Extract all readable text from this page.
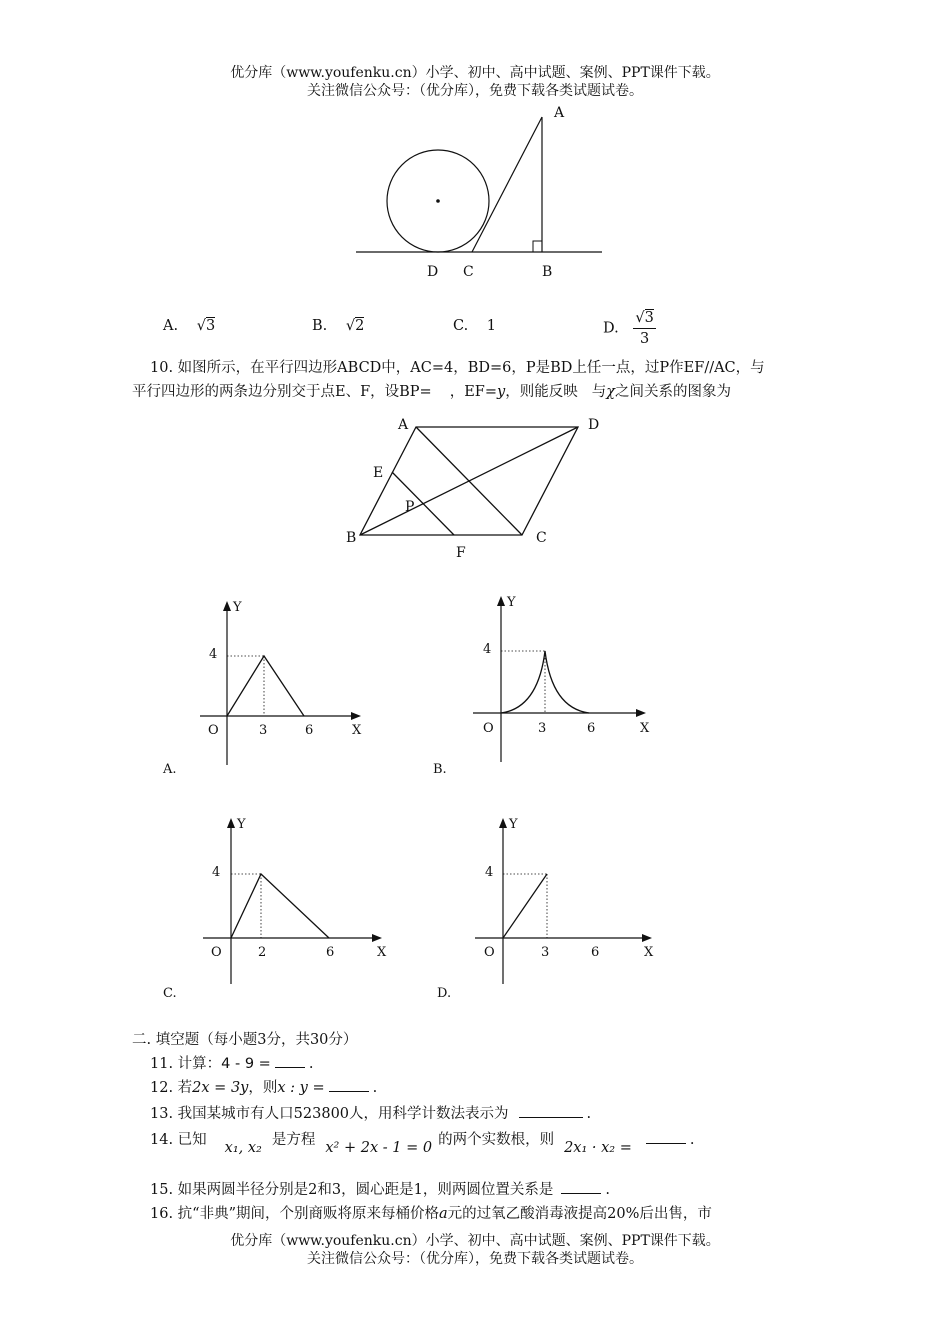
优分库（www.youfenku.cn）小学、初中、高中试题、案例、PPT课件下载。
关注微信公众号：（优分库），免费下载各类试题试卷。
A
D C	B
A. √3	B. √2	C. 1	D. $\frac{√3}{3}$
10. 如图所示，在平行四边形ABCD中，AC=4，BD=6，P是BD上任一点，过P作EF//AC，与
平行四边形的两条边分别交于点E、F，设BP= ，EF=y，则能反映 与χ之间关系的图象为
A	D
E
P
B
F
C
Y
4
O	3	6	X
A.
Y
4
O	3	6	X
B.
Y
4
O	2	6	X
C.
Y
4
O	3	6	X
D.
二. 填空题（每小题3分，共30分）
11. 计算：4 - 9 =	.
12. 若2x = 3y，则x : y =	.
13. 我国某城市有人口523800人，用科学计数法表示为	.
14. 已知 x₁, x₂ 是方程 x² + 2x - 1 = 0 的两个实数根，则 2x₁ · x₂ =	.
15. 如果两圆半径分别是2和3，圆心距是1，则两圆位置关系是	.
16. 抗“非典”期间，个别商贩将原来每桶价格a元的过氧乙酸消毒液提高20%后出售，市
优分库（www.youfenku.cn）小学、初中、高中试题、案例、PPT课件下载。
关注微信公众号：（优分库），免费下载各类试题试卷。
